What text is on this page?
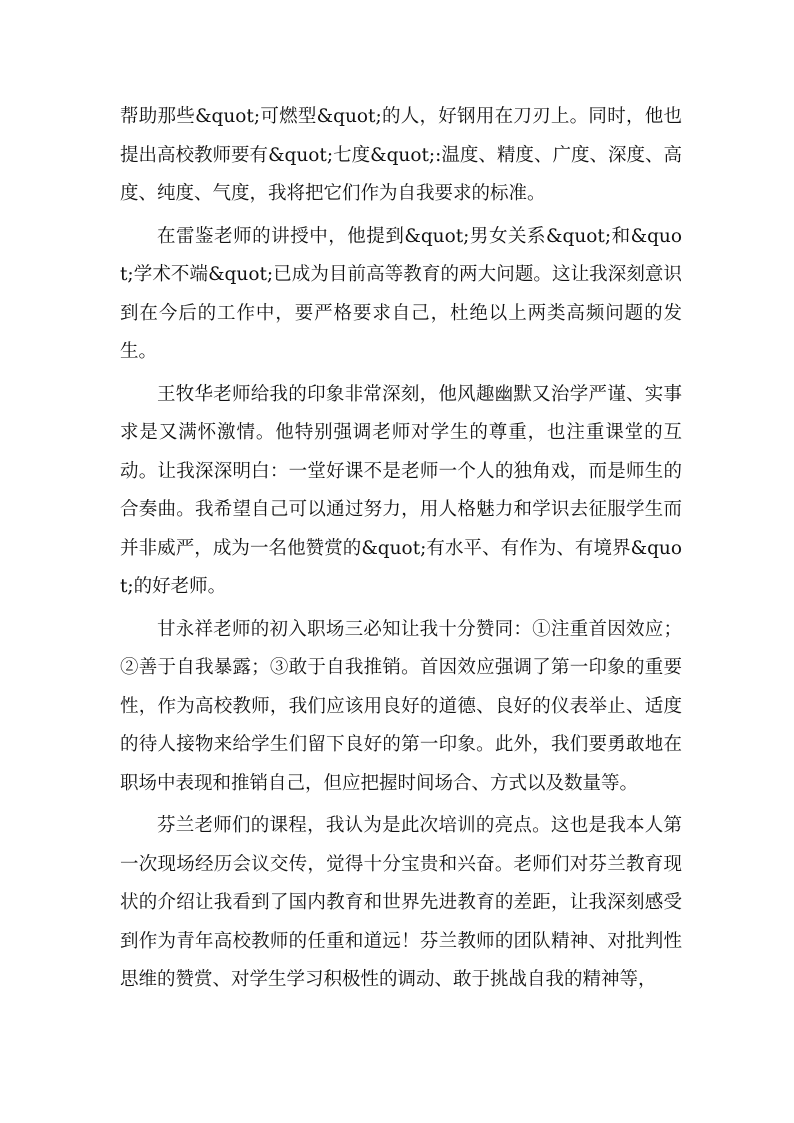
帮助那些&quot;可燃型&quot;的人，好钢用在刀刃上。同时，他也提出高校教师要有&quot;七度&quot;:温度、精度、广度、深度、高度、纯度、气度，我将把它们作为自我要求的标准。

在雷鉴老师的讲授中，他提到&quot;男女关系&quot;和&quot;学术不端&quot;已成为目前高等教育的两大问题。这让我深刻意识到在今后的工作中，要严格要求自己，杜绝以上两类高频问题的发生。

王牧华老师给我的印象非常深刻，他风趣幽默又治学严谨、实事求是又满怀激情。他特别强调老师对学生的尊重，也注重课堂的互动。让我深深明白：一堂好课不是老师一个人的独角戏，而是师生的合奏曲。我希望自己可以通过努力，用人格魅力和学识去征服学生而并非威严，成为一名他赞赏的&quot;有水平、有作为、有境界&quot;的好老师。

甘永祥老师的初入职场三必知让我十分赞同：①注重首因效应；②善于自我暴露；③敢于自我推销。首因效应强调了第一印象的重要性，作为高校教师，我们应该用良好的道德、良好的仪表举止、适度的待人接物来给学生们留下良好的第一印象。此外，我们要勇敢地在职场中表现和推销自己，但应把握时间场合、方式以及数量等。

芬兰老师们的课程，我认为是此次培训的亮点。这也是我本人第一次现场经历会议交传，觉得十分宝贵和兴奋。老师们对芬兰教育现状的介绍让我看到了国内教育和世界先进教育的差距，让我深刻感受到作为青年高校教师的任重和道远！芬兰教师的团队精神、对批判性思维的赞赏、对学生学习积极性的调动、敢于挑战自我的精神等，
